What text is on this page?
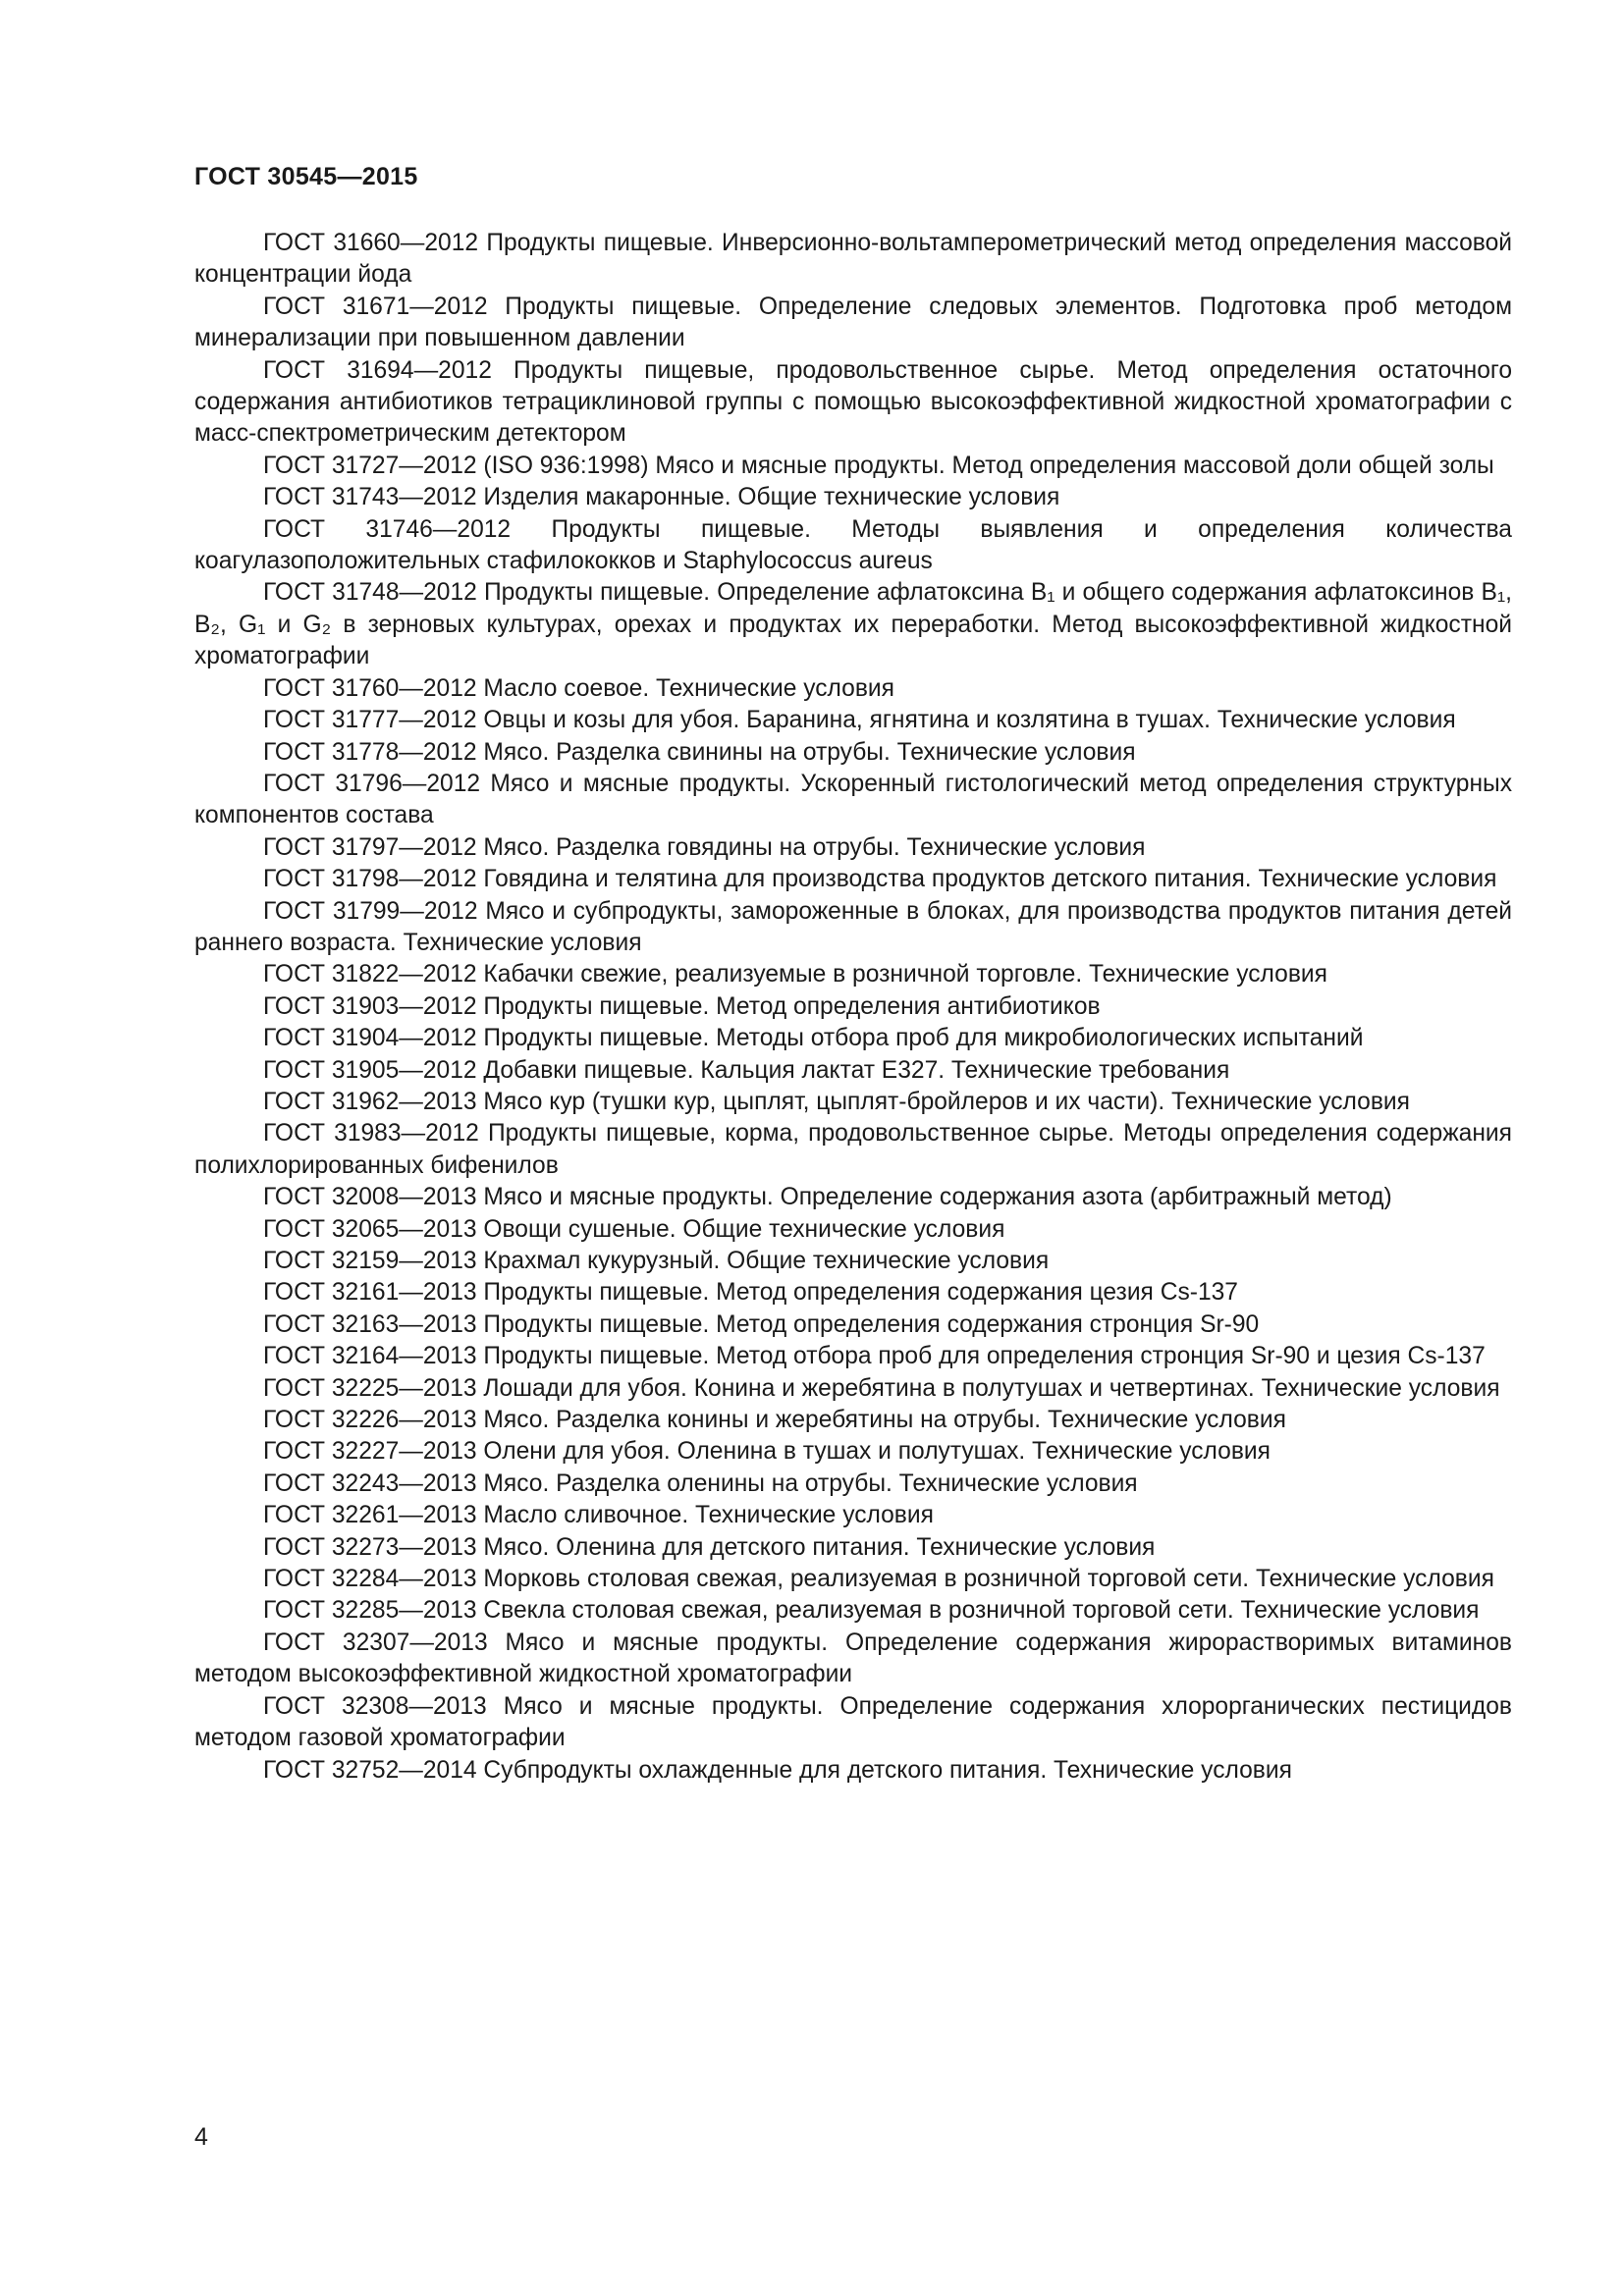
ГОСТ 30545—2015

ГОСТ 31660—2012 Продукты пищевые. Инверсионно-вольтамперометрический метод определения массовой концентрации йода

ГОСТ 31671—2012 Продукты пищевые. Определение следовых элементов. Подготовка проб методом минерализации при повышенном давлении

ГОСТ 31694—2012 Продукты пищевые, продовольственное сырье. Метод определения остаточного содержания антибиотиков тетрациклиновой группы с помощью высокоэффективной жидкостной хроматографии с масс-спектрометрическим детектором

ГОСТ 31727—2012 (ISO 936:1998) Мясо и мясные продукты. Метод определения массовой доли общей золы

ГОСТ 31743—2012 Изделия макаронные. Общие технические условия

ГОСТ 31746—2012 Продукты пищевые. Методы выявления и определения количества коагулазоположительных стафилококков и Staphylococcus aureus

ГОСТ 31748—2012 Продукты пищевые. Определение афлатоксина B₁ и общего содержания афлатоксинов B₁, B₂, G₁ и G₂ в зерновых культурах, орехах и продуктах их переработки. Метод высокоэффективной жидкостной хроматографии

ГОСТ 31760—2012 Масло соевое. Технические условия

ГОСТ 31777—2012 Овцы и козы для убоя. Баранина, ягнятина и козлятина в тушах. Технические условия

ГОСТ 31778—2012 Мясо. Разделка свинины на отрубы. Технические условия

ГОСТ 31796—2012 Мясо и мясные продукты. Ускоренный гистологический метод определения структурных компонентов состава

ГОСТ 31797—2012 Мясо. Разделка говядины на отрубы. Технические условия

ГОСТ 31798—2012 Говядина и телятина для производства продуктов детского питания. Технические условия

ГОСТ 31799—2012 Мясо и субпродукты, замороженные в блоках, для производства продуктов питания детей раннего возраста. Технические условия

ГОСТ 31822—2012 Кабачки свежие, реализуемые в розничной торговле. Технические условия

ГОСТ 31903—2012 Продукты пищевые. Метод определения антибиотиков

ГОСТ 31904—2012 Продукты пищевые. Методы отбора проб для микробиологических испытаний

ГОСТ 31905—2012 Добавки пищевые. Кальция лактат E327. Технические требования

ГОСТ 31962—2013 Мясо кур (тушки кур, цыплят, цыплят-бройлеров и их части). Технические условия

ГОСТ 31983—2012 Продукты пищевые, корма, продовольственное сырье. Методы определения содержания полихлорированных бифенилов

ГОСТ 32008—2013 Мясо и мясные продукты. Определение содержания азота (арбитражный метод)

ГОСТ 32065—2013 Овощи сушеные. Общие технические условия

ГОСТ 32159—2013 Крахмал кукурузный. Общие технические условия

ГОСТ 32161—2013 Продукты пищевые. Метод определения содержания цезия Cs-137

ГОСТ 32163—2013 Продукты пищевые. Метод определения содержания стронция Sr-90

ГОСТ 32164—2013 Продукты пищевые. Метод отбора проб для определения стронция Sr-90 и цезия Cs-137

ГОСТ 32225—2013 Лошади для убоя. Конина и жеребятина в полутушах и четвертинах. Технические условия

ГОСТ 32226—2013 Мясо. Разделка конины и жеребятины на отрубы. Технические условия

ГОСТ 32227—2013 Олени для убоя. Оленина в тушах и полутушах. Технические условия

ГОСТ 32243—2013 Мясо. Разделка оленины на отрубы. Технические условия

ГОСТ 32261—2013 Масло сливочное. Технические условия

ГОСТ 32273—2013 Мясо. Оленина для детского питания. Технические условия

ГОСТ 32284—2013 Морковь столовая свежая, реализуемая в розничной торговой сети. Технические условия

ГОСТ 32285—2013 Свекла столовая свежая, реализуемая в розничной торговой сети. Технические условия

ГОСТ 32307—2013 Мясо и мясные продукты. Определение содержания жирорастворимых витаминов методом высокоэффективной жидкостной хроматографии

ГОСТ 32308—2013 Мясо и мясные продукты. Определение содержания хлорорганических пестицидов методом газовой хроматографии

ГОСТ 32752—2014 Субпродукты охлажденные для детского питания. Технические условия

4
